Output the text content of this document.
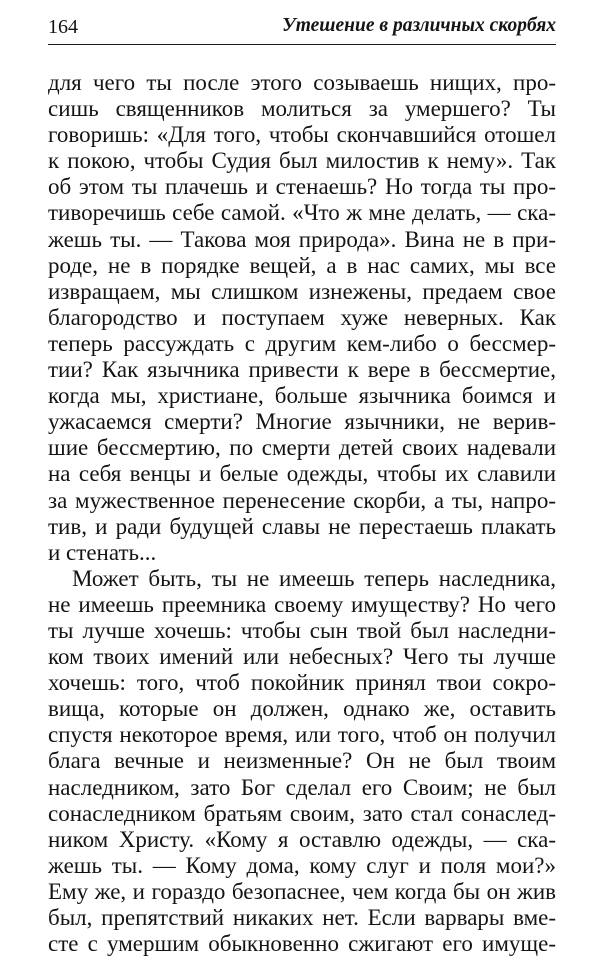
164	Утешение в различных скорбях
для чего ты после этого созываешь нищих, про-
сишь священников молиться за умершего? Ты
говоришь: «Для того, чтобы скончавшийся отошел
к покою, чтобы Судия был милостив к нему». Так
об этом ты плачешь и стенаешь? Но тогда ты про-
тиворечишь себе самой. «Что ж мне делать, — ска-
жешь ты. — Такова моя природа». Вина не в при-
роде, не в порядке вещей, а в нас самих, мы все
извращаем, мы слишком изнежены, предаем свое
благородство и поступаем хуже неверных. Как
теперь рассуждать с другим кем-либо о бессмер-
тии? Как язычника привести к вере в бессмертие,
когда мы, христиане, больше язычника боимся и
ужасаемся смерти? Многие язычники, не верив-
шие бессмертию, по смерти детей своих надевали
на себя венцы и белые одежды, чтобы их славили
за мужественное перенесение скорби, а ты, напро-
тив, и ради будущей славы не перестаешь плакать
и стенать...
Может быть, ты не имеешь теперь наследника,
не имеешь преемника своему имуществу? Но чего
ты лучше хочешь: чтобы сын твой был наследни-
ком твоих имений или небесных? Чего ты лучше
хочешь: того, чтоб покойник принял твои сокро-
вища, которые он должен, однако же, оставить
спустя некоторое время, или того, чтоб он получил
блага вечные и неизменные? Он не был твоим
наследником, зато Бог сделал его Своим; не был
сонаследником братьям своим, зато стал сонаслед-
ником Христу. «Кому я оставлю одежды, — ска-
жешь ты. — Кому дома, кому слуг и поля мои?»
Ему же, и гораздо безопаснее, чем когда бы он жив
был, препятствий никаких нет. Если варвары вме-
сте с умершим обыкновенно сжигают его имуще-
